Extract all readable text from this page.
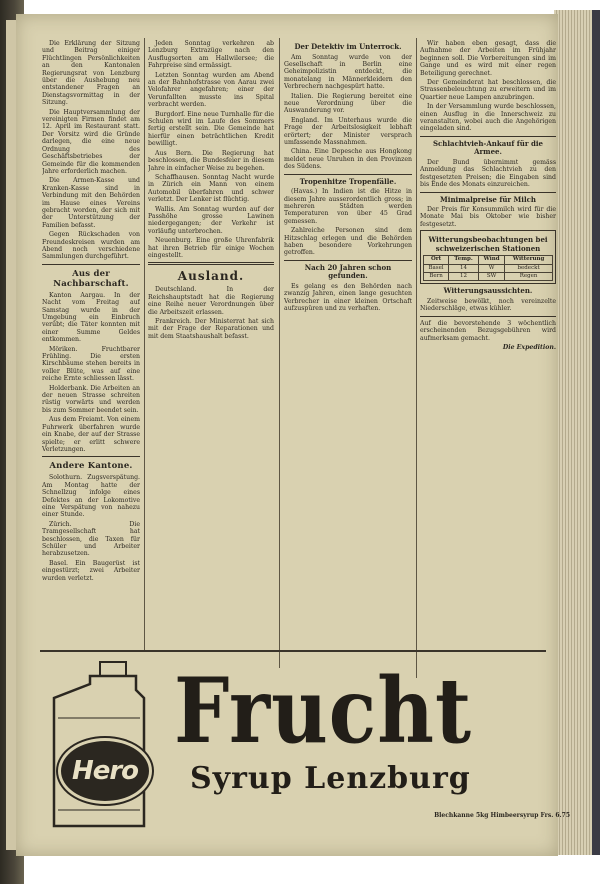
Die Erklärung der Sitzung und Beitrag einiger Flüchtlingen Persönlichkeiten an den Kantonalen Regierungsrat von Lenzburg über die Aushebung neu entstandener Fragen an Dienstagsvormittag in der Sitzung.

Die Hauptversammlung der vereinigten Firmen findet am 12. April im Restaurant statt. Der Vorsitz wird die Gründe darlegen, die eine neue Ordnung des Geschäftsbetriebes der Gemeinde für die kommenden Jahre erforderlich machen.

Die Armen-Kasse und Kranken-Kasse sind in Verbindung mit den Behörden im Hause eines Vereins gebracht worden, der sich mit der Unterstützung der Familien befasst.

Gegen Rückschaden von Freundeskreisen wurden am Abend noch verschiedene Sammlungen durchgeführt.

Aus der Nachbarschaft.

Kanton Aargau. In der Nacht vom Freitag auf Samstag wurde in der Umgebung ein Einbruch verübt; die Täter konnten mit einer Summe Geldes entkommen.

Möriken. Fruchtbarer Frühling. Die ersten Kirschbäume stehen bereits in voller Blüte, was auf eine reiche Ernte schliessen lässt.

Holderbank. Die Arbeiten an der neuen Strasse schreiten rüstig vorwärts und werden bis zum Sommer beendet sein.

Aus dem Freiamt. Von einem Fuhrwerk überfahren wurde ein Knabe, der auf der Strasse spielte; er erlitt schwere Verletzungen.

Andere Kantone.

Solothurn. Zugsverspätung. Am Montag hatte der Schnellzug infolge eines Defektes an der Lokomotive eine Verspätung von nahezu einer Stunde.

Zürich. Die Tramgesellschaft hat beschlossen, die Taxen für Schüler und Arbeiter herabzusetzen.

Basel. Ein Baugerüst ist eingestürzt; zwei Arbeiter wurden verletzt.

Jeden Sonntag verkehren ab Lenzburg Extrazüge nach den Ausflugsorten am Hallwilersee; die Fahrpreise sind ermässigt.

Letzten Sonntag wurden am Abend an der Bahnhofstrasse von Aarau zwei Velofahrer angefahren; einer der Verunfallten musste ins Spital verbracht werden.

Burgdorf. Eine neue Turnhalle für die Schulen wird im Laufe des Sommers fertig erstellt sein. Die Gemeinde hat hierfür einen beträchtlichen Kredit bewilligt.

Aus Bern. Die Regierung hat beschlossen, die Bundesfeier in diesem Jahre in einfacher Weise zu begehen.

Schaffhausen. Sonntag Nacht wurde in Zürich ein Mann von einem Automobil überfahren und schwer verletzt. Der Lenker ist flüchtig.

Wallis. Am Sonntag wurden auf der Passhöhe grosse Lawinen niedergegangen; der Verkehr ist vorläufig unterbrochen.

Neuenburg. Eine große Uhrenfabrik hat ihren Betrieb für einige Wochen eingestellt.

Ausland.

Deutschland. In der Reichshauptstadt hat die Regierung eine Reihe neuer Verordnungen über die Arbeitszeit erlassen.

Frankreich. Der Ministerrat hat sich mit der Frage der Reparationen und mit dem Staatshaushalt befasst.

Der Detektiv im Unterrock.

Am Sonntag wurde von der Gesellschaft in Berlin eine Geheimpolizistin entdeckt, die monatelang in Männerkleidern den Verbrechern nachgespürt hatte.

Italien. Die Regierung bereitet eine neue Verordnung über die Auswanderung vor.

England. Im Unterhaus wurde die Frage der Arbeitslosigkeit lebhaft erörtert; der Minister versprach umfassende Massnahmen.

China. Eine Depesche aus Hongkong meldet neue Unruhen in den Provinzen des Südens.

Tropenhitze Tropenfälle.

(Havas.) In Indien ist die Hitze in diesem Jahre ausserordentlich gross; in mehreren Städten werden Temperaturen von über 45 Grad gemessen.

Zahlreiche Personen sind dem Hitzschlag erlegen und die Behörden haben besondere Vorkehrungen getroffen.

Nach 20 Jahren schon gefunden.

Es gelang es den Behörden nach zwanzig Jahren, einen lange gesuchten Verbrecher in einer kleinen Ortschaft aufzuspüren und zu verhaften.

Wir haben eben gesagt, dass die Aufnahme der Arbeiten im Frühjahr beginnen soll. Die Vorbereitungen sind im Gange und es wird mit einer regen Beteiligung gerechnet.

Der Gemeinderat hat beschlossen, die Strassenbeleuchtung zu erweitern und im Quartier neue Lampen anzubringen.

In der Versammlung wurde beschlossen, einen Ausflug in die Innerschweiz zu veranstalten, wobei auch die Angehörigen eingeladen sind.

Schlachtvieh-Ankauf für die Armee.

Der Bund übernimmt gemäss Anmeldung das Schlachtvieh zu den festgesetzten Preisen; die Eingaben sind bis Ende des Monats einzureichen.

Minimalpreise für Milch

Der Preis für Konsummilch wird für die Monate Mai bis Oktober wie bisher festgesetzt.

Witterungsbeobachtungen bei schweizerischen Stationen
Ort	Temp.	Wind	Witterung
Basel	14	W	bedeckt
Bern	12	SW	Regen
Witterungsaussichten.

Zeitweise bewölkt, noch vereinzelte Niederschläge, etwas kühler.

Auf die bevorstehende 3 wöchentlich erscheinenden Bezugsgebühren wird aufmerksam gemacht.

Die Expedition.
Hero
Frucht
Syrup Lenzburg
Blechkanne 5kg Himbeersyrup Frs. 6.75
